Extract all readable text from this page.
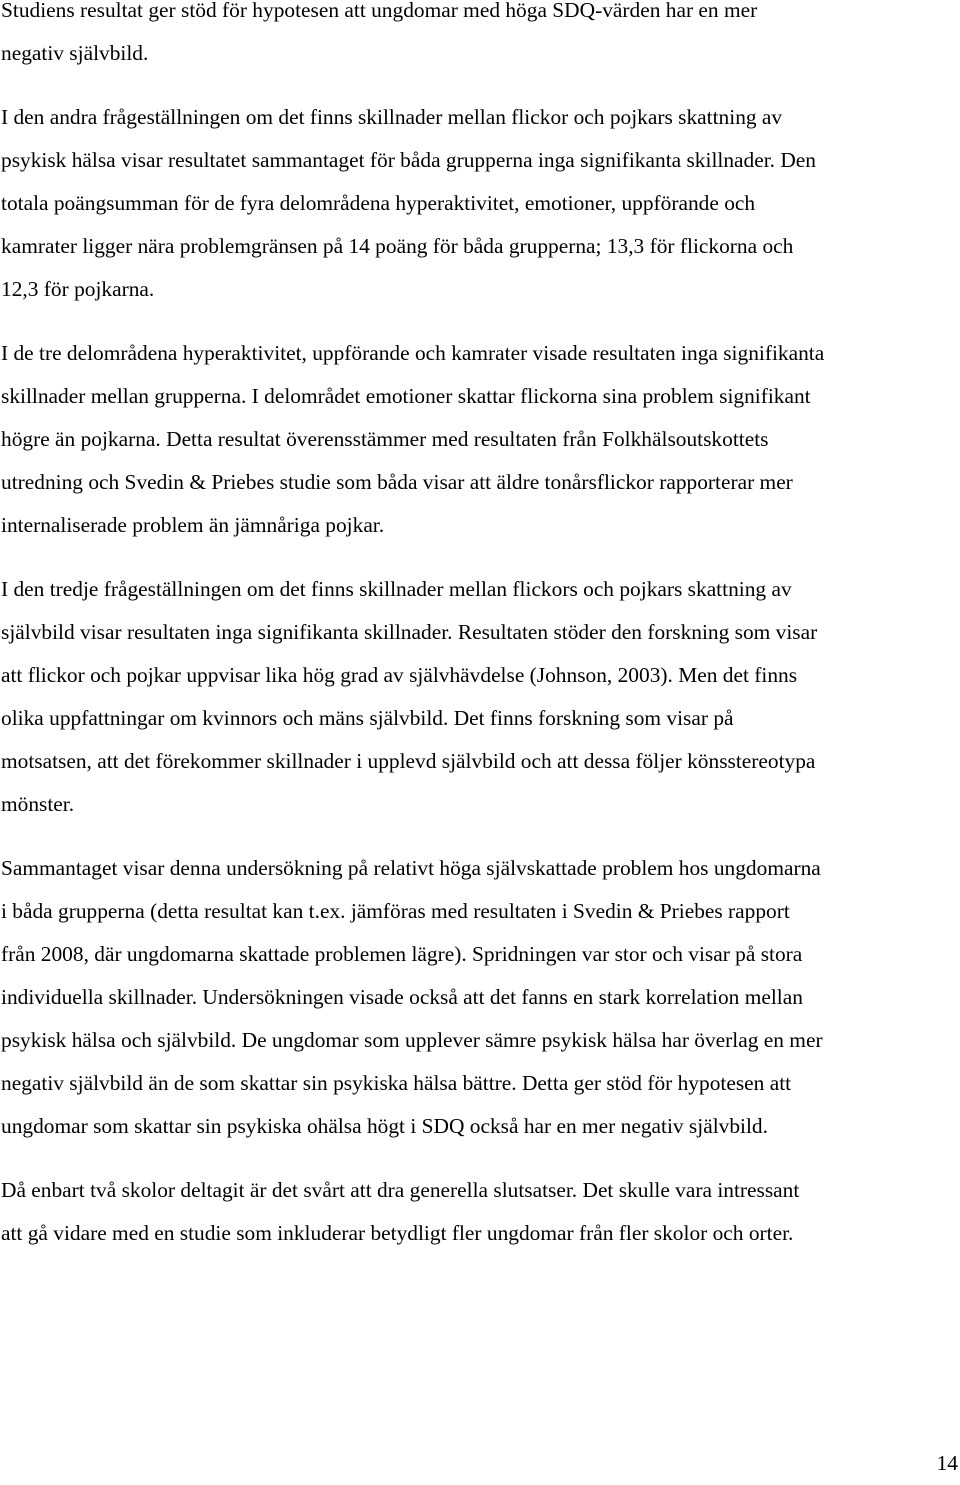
Studiens resultat ger stöd för hypotesen att ungdomar med höga SDQ-värden har en mer
negativ självbild.

I den andra frågeställningen om det finns skillnader mellan flickor och pojkars skattning av
psykisk hälsa visar resultatet sammantaget för båda grupperna inga signifikanta skillnader. Den
totala poängsumman för de fyra delområdena hyperaktivitet, emotioner, uppförande och
kamrater ligger nära problemgränsen på 14 poäng för båda grupperna; 13,3 för flickorna och
12,3 för pojkarna.

I de tre delområdena hyperaktivitet, uppförande och kamrater visade resultaten inga signifikanta
skillnader mellan grupperna. I delområdet emotioner skattar flickorna sina problem signifikant
högre än pojkarna. Detta resultat överensstämmer med resultaten från Folkhälsoutskottets
utredning och Svedin & Priebes studie som båda visar att äldre tonårsflickor rapporterar mer
internaliserade problem än jämnåriga pojkar.

I den tredje frågeställningen om det finns skillnader mellan flickors och pojkars skattning av
självbild visar resultaten inga signifikanta skillnader. Resultaten stöder den forskning som visar
att flickor och pojkar uppvisar lika hög grad av självhävdelse (Johnson, 2003). Men det finns
olika uppfattningar om kvinnors och mäns självbild. Det finns forskning som visar på
motsatsen, att det förekommer skillnader i upplevd självbild och att dessa följer könsstereotypa
mönster.

Sammantaget visar denna undersökning på relativt höga självskattade problem hos ungdomarna
i båda grupperna (detta resultat kan t.ex. jämföras med resultaten i Svedin & Priebes rapport
från 2008, där ungdomarna skattade problemen lägre). Spridningen var stor och visar på stora
individuella skillnader. Undersökningen visade också att det fanns en stark korrelation mellan
psykisk hälsa och självbild. De ungdomar som upplever sämre psykisk hälsa har överlag en mer
negativ självbild än de som skattar sin psykiska hälsa bättre. Detta ger stöd för hypotesen att
ungdomar som skattar sin psykiska ohälsa högt i SDQ också har en mer negativ självbild.

Då enbart två skolor deltagit är det svårt att dra generella slutsatser. Det skulle vara intressant
att gå vidare med en studie som inkluderar betydligt fler ungdomar från fler skolor och orter.

14
